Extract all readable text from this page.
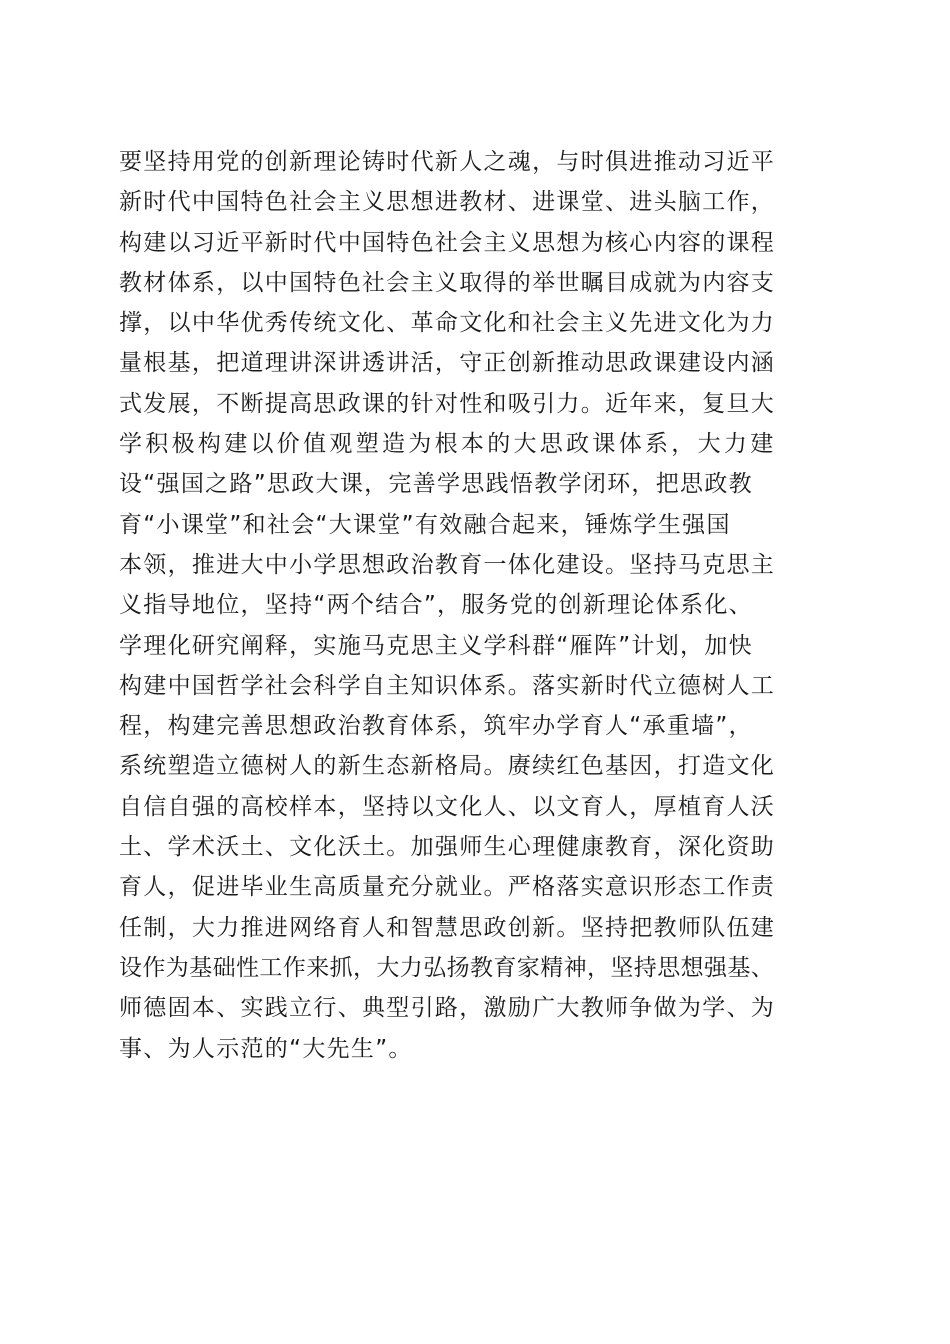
要坚持用党的创新理论铸时代新人之魂，与时俱进推动习近平
新时代中国特色社会主义思想进教材、进课堂、进头脑工作，
构建以习近平新时代中国特色社会主义思想为核心内容的课程
教材体系，以中国特色社会主义取得的举世瞩目成就为内容支
撑，以中华优秀传统文化、革命文化和社会主义先进文化为力
量根基，把道理讲深讲透讲活，守正创新推动思政课建设内涵
式发展，不断提高思政课的针对性和吸引力。近年来，复旦大
学积极构建以价值观塑造为根本的大思政课体系，大力建
设“强国之路”思政大课，完善学思践悟教学闭环，把思政教
育“小课堂”和社会“大课堂”有效融合起来，锤炼学生强国
本领，推进大中小学思想政治教育一体化建设。坚持马克思主
义指导地位，坚持“两个结合”，服务党的创新理论体系化、
学理化研究阐释，实施马克思主义学科群“雁阵”计划，加快
构建中国哲学社会科学自主知识体系。落实新时代立德树人工
程，构建完善思想政治教育体系，筑牢办学育人“承重墙”，
系统塑造立德树人的新生态新格局。赓续红色基因，打造文化
自信自强的高校样本，坚持以文化人、以文育人，厚植育人沃
土、学术沃土、文化沃土。加强师生心理健康教育，深化资助
育人，促进毕业生高质量充分就业。严格落实意识形态工作责
任制，大力推进网络育人和智慧思政创新。坚持把教师队伍建
设作为基础性工作来抓，大力弘扬教育家精神，坚持思想强基、
师德固本、实践立行、典型引路，激励广大教师争做为学、为
事、为人示范的“大先生”。
